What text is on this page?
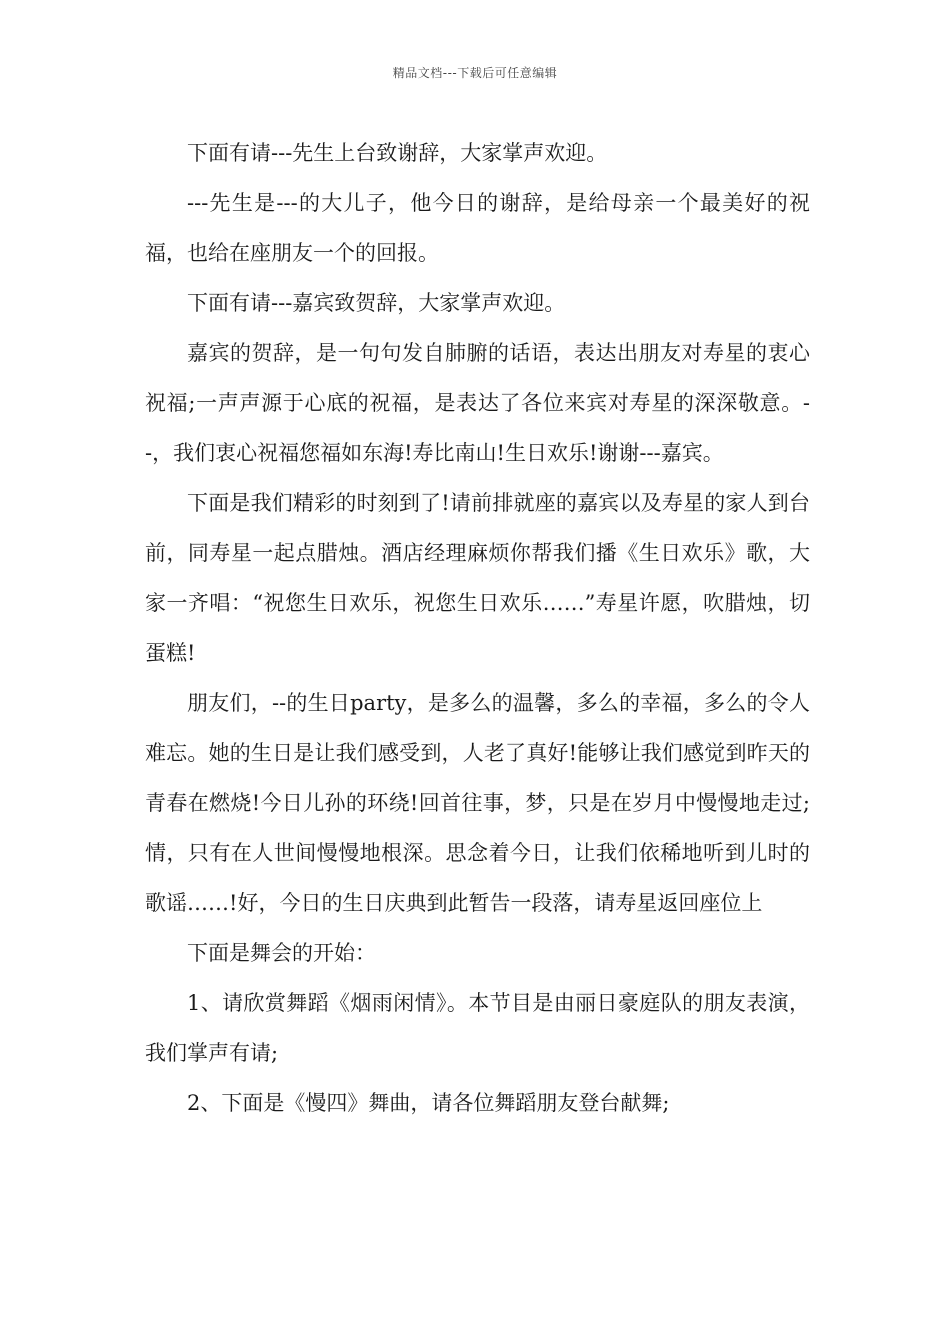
精品文档---下载后可任意编辑

下面有请---先生上台致谢辞，大家掌声欢迎。

---先生是---的大儿子，他今日的谢辞，是给母亲一个最美好的祝福，也给在座朋友一个的回报。

下面有请---嘉宾致贺辞，大家掌声欢迎。

嘉宾的贺辞，是一句句发自肺腑的话语，表达出朋友对寿星的衷心祝福;一声声源于心底的祝福，是表达了各位来宾对寿星的深深敬意。--，我们衷心祝福您福如东海!寿比南山!生日欢乐!谢谢---嘉宾。

下面是我们精彩的时刻到了!请前排就座的嘉宾以及寿星的家人到台前，同寿星一起点腊烛。酒店经理麻烦你帮我们播《生日欢乐》歌，大家一齐唱：“祝您生日欢乐，祝您生日欢乐……”寿星许愿，吹腊烛，切蛋糕!

朋友们，--的生日party，是多么的温馨，多么的幸福，多么的令人难忘。她的生日是让我们感受到，人老了真好!能够让我们感觉到昨天的青春在燃烧!今日儿孙的环绕!回首往事，梦，只是在岁月中慢慢地走过;情，只有在人世间慢慢地根深。思念着今日，让我们依稀地听到儿时的歌谣……!好，今日的生日庆典到此暂告一段落，请寿星返回座位上

下面是舞会的开始：

1、请欣赏舞蹈《烟雨闲情》。本节目是由丽日豪庭队的朋友表演，我们掌声有请;

2、下面是《慢四》舞曲，请各位舞蹈朋友登台献舞;
